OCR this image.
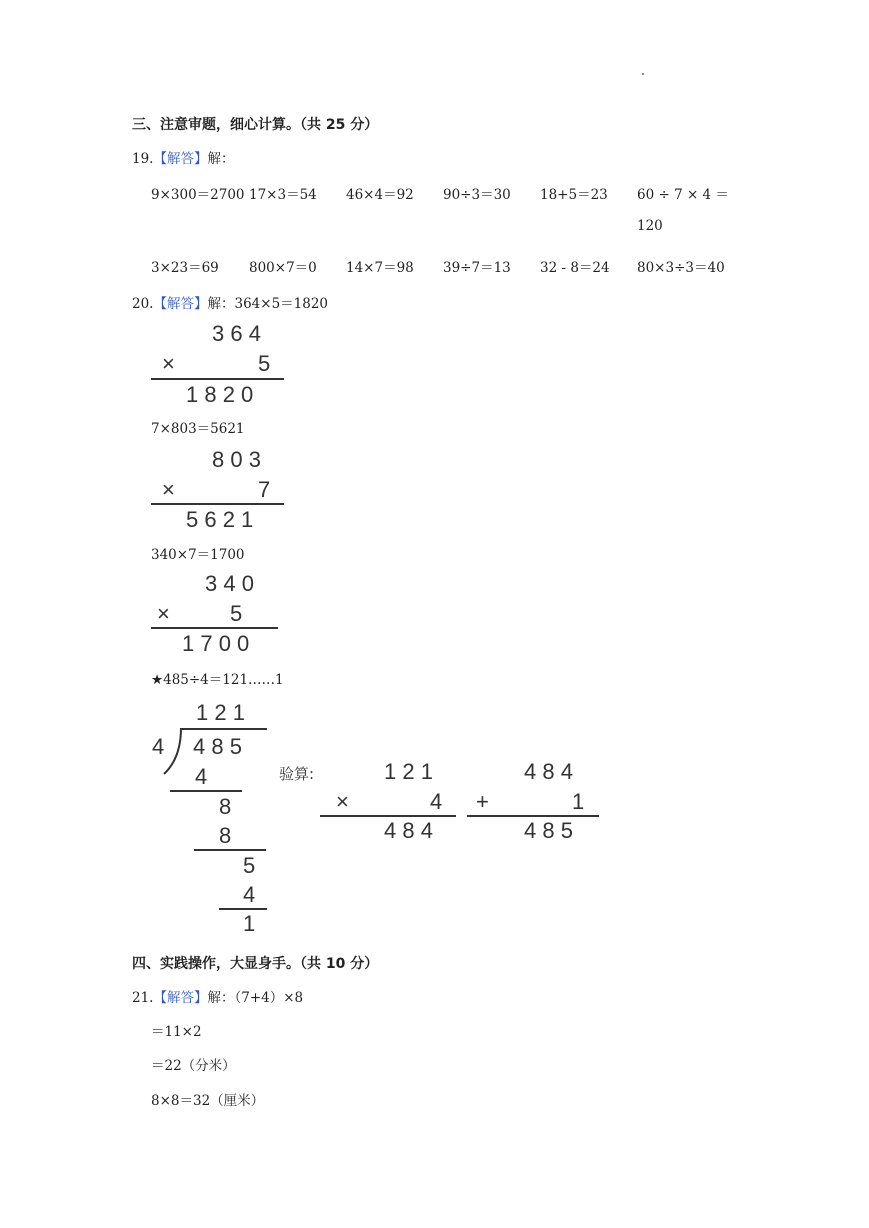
三、注意审题，细心计算。（共 25 分）
19.【解答】解：
9×300＝2700 17×3＝54 46×4＝92 90÷3＝30 18+5＝23 60 ÷ 7 × 4 ＝
120
3×23＝69 800×7＝0 14×7＝98 39÷7＝13 32 - 8＝24 80×3÷3＝40
20.【解答】解：364×5＝1820
3 6 4
×	5
1 8 2 0
7×803＝5621
8 0 3
×	7
5 6 2 1
340×7＝1700
3 4 0
×	5
1 7 0 0
★485÷4＝121……1
1 2 1
4 4 8 5
4
8
8
5
4
1
验算:	1 2 1
×	4
4 8 4
4 8 4
+	1
4 8 5
四、实践操作，大显身手。（共 10 分）
21.【解答】解：（7+4）×8
＝11×2
＝22（分米）
8×8＝32（厘米）
